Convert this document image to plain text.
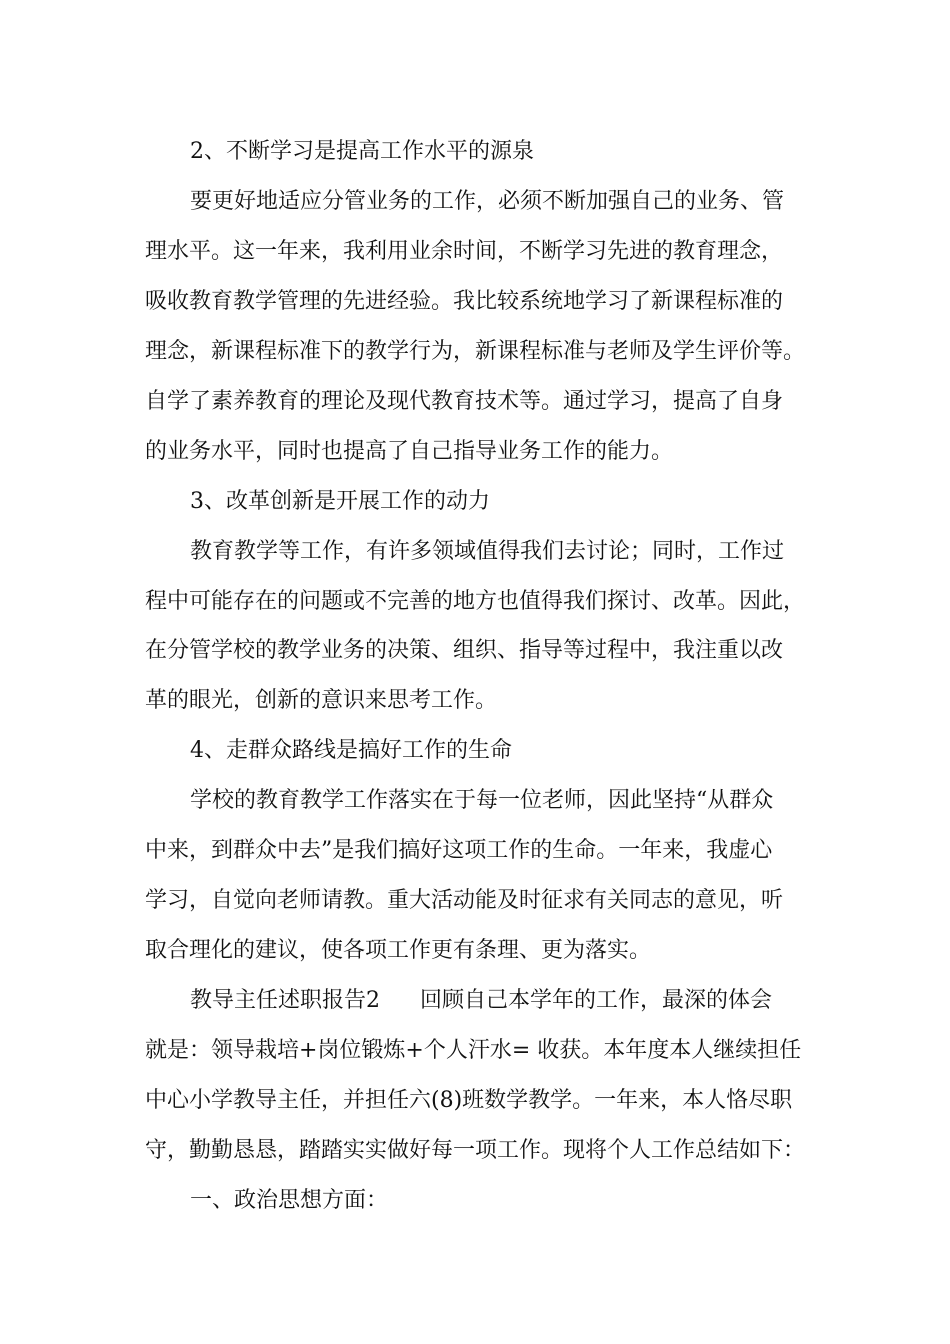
2、不断学习是提高工作水平的源泉
要更好地适应分管业务的工作，必须不断加强自己的业务、管
理水平。这一年来，我利用业余时间，不断学习先进的教育理念，
吸收教育教学管理的先进经验。我比较系统地学习了新课程标准的
理念，新课程标准下的教学行为，新课程标准与老师及学生评价等。
自学了素养教育的理论及现代教育技术等。通过学习，提高了自身
的业务水平，同时也提高了自己指导业务工作的能力。
3、改革创新是开展工作的动力
教育教学等工作，有许多领域值得我们去讨论；同时，工作过
程中可能存在的问题或不完善的地方也值得我们探讨、改革。因此，
在分管学校的教学业务的决策、组织、指导等过程中，我注重以改
革的眼光，创新的意识来思考工作。
4、走群众路线是搞好工作的生命
学校的教育教学工作落实在于每一位老师，因此坚持“从群众
中来，到群众中去”是我们搞好这项工作的生命。一年来，我虚心
学习，自觉向老师请教。重大活动能及时征求有关同志的意见，听
取合理化的建议，使各项工作更有条理、更为落实。
教导主任述职报告2 回顾自己本学年的工作，最深的体会
就是：领导栽培+岗位锻炼+个人汗水= 收获。本年度本人继续担任
中心小学教导主任，并担任六(8)班数学教学。一年来，本人恪尽职
守，勤勤恳恳，踏踏实实做好每一项工作。现将个人工作总结如下：
一、政治思想方面：
